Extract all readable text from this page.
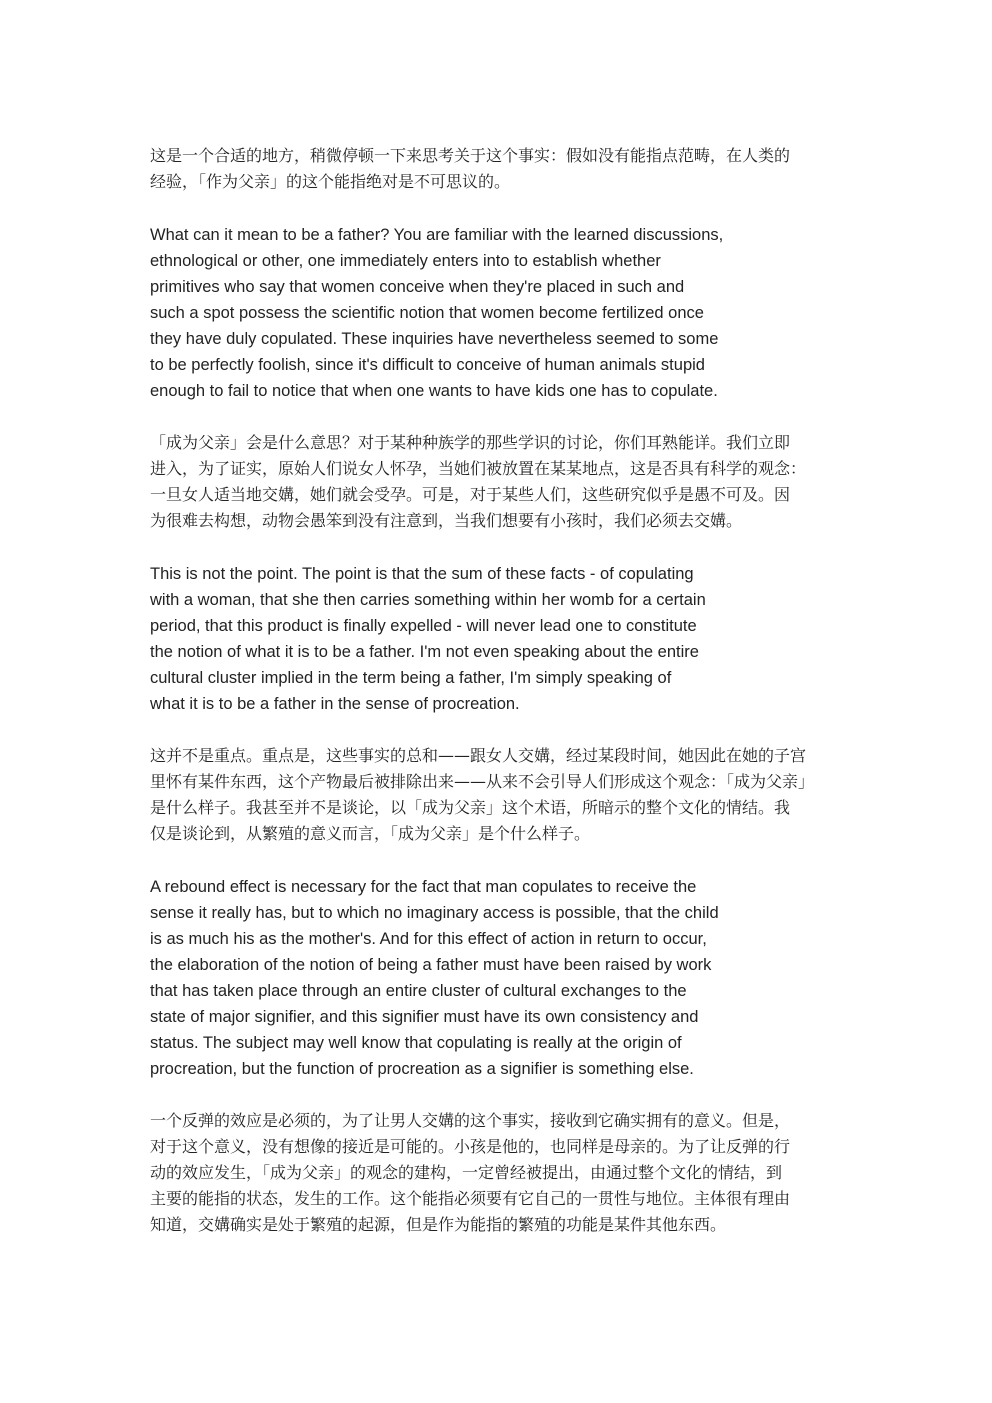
这是一个合适的地方，稍微停顿一下来思考关于这个事实：假如没有能指点范畴，在人类的
经验，「作为父亲」的这个能指绝对是不可思议的。
What can it mean to be a father? You are familiar with the learned discussions,
ethnological or other, one immediately enters into to establish whether
primitives who say that women conceive when they're placed in such and
such a spot possess the scientific notion that women become fertilized once
they have duly copulated. These inquiries have nevertheless seemed to some
to be perfectly foolish, since it's difficult to conceive of human animals stupid
enough to fail to notice that when one wants to have kids one has to copulate.
「成为父亲」会是什么意思？对于某种种族学的那些学识的讨论，你们耳熟能详。我们立即
进入，为了证实，原始人们说女人怀孕，当她们被放置在某某地点，这是否具有科学的观念：
一旦女人适当地交媾，她们就会受孕。可是，对于某些人们，这些研究似乎是愚不可及。因
为很难去构想，动物会愚笨到没有注意到，当我们想要有小孩时，我们必须去交媾。
This is not the point. The point is that the sum of these facts - of copulating
with a woman, that she then carries something within her womb for a certain
period, that this product is finally expelled - will never lead one to constitute
the notion of what it is to be a father. I'm not even speaking about the entire
cultural cluster implied in the term being a father, I'm simply speaking of
what it is to be a father in the sense of procreation.
这并不是重点。重点是，这些事实的总和——跟女人交媾，经过某段时间，她因此在她的子宫
里怀有某件东西，这个产物最后被排除出来——从来不会引导人们形成这个观念：「成为父亲」
是什么样子。我甚至并不是谈论，以「成为父亲」这个术语，所暗示的整个文化的情结。我
仅是谈论到，从繁殖的意义而言，「成为父亲」是个什么样子。
A rebound effect is necessary for the fact that man copulates to receive the
sense it really has, but to which no imaginary access is possible, that the child
is as much his as the mother's. And for this effect of action in return to occur,
the elaboration of the notion of being a father must have been raised by work
that has taken place through an entire cluster of cultural exchanges to the
state of major signifier, and this signifier must have its own consistency and
status. The subject may well know that copulating is really at the origin of
procreation, but the function of procreation as a signifier is something else.
一个反弹的效应是必须的，为了让男人交媾的这个事实，接收到它确实拥有的意义。但是，
对于这个意义，没有想像的接近是可能的。小孩是他的，也同样是母亲的。为了让反弹的行
动的效应发生，「成为父亲」的观念的建构，一定曾经被提出，由通过整个文化的情结，到
主要的能指的状态，发生的工作。这个能指必须要有它自己的一贯性与地位。主体很有理由
知道，交媾确实是处于繁殖的起源，但是作为能指的繁殖的功能是某件其他东西。
